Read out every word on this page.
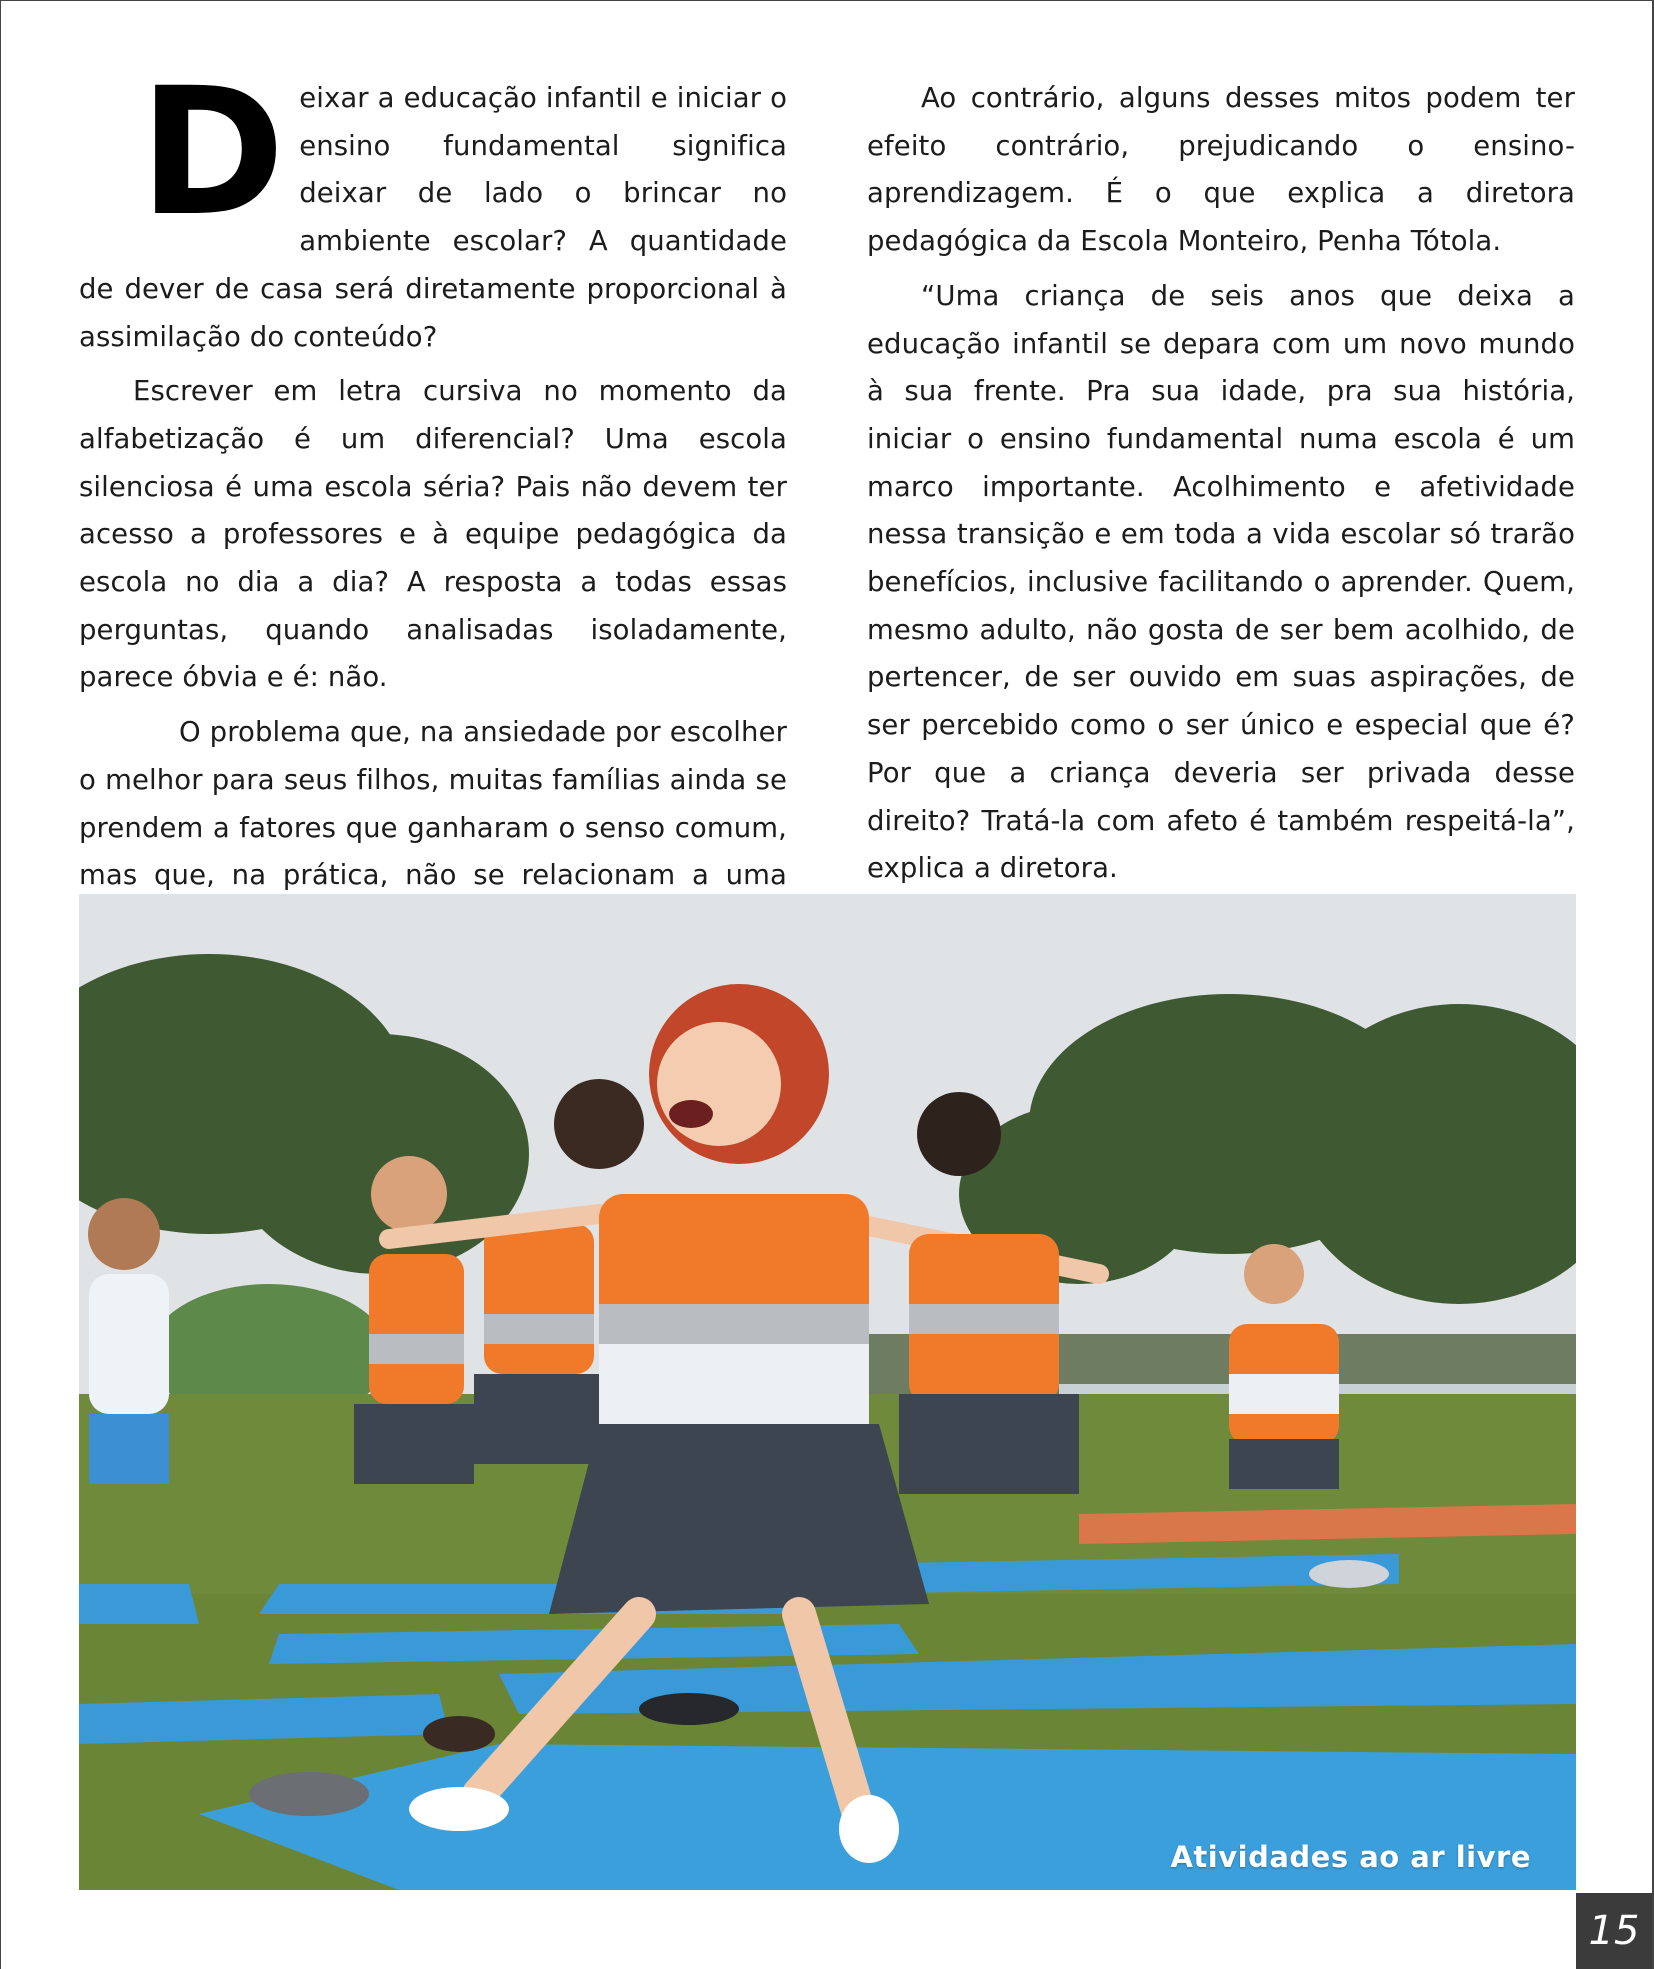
Deixar a educação infantil e iniciar o ensino fundamental significa deixar de lado o brincar no ambiente escolar? A quantidade de dever de casa será diretamente proporcional à assimilação do conteúdo?

Escrever em letra cursiva no momento da alfabetização é um diferencial? Uma escola silenciosa é uma escola séria? Pais não devem ter acesso a professores e à equipe pedagógica da escola no dia a dia? A resposta a todas essas perguntas, quando analisadas isoladamente, parece óbvia e é: não.

O problema que, na ansiedade por escolher o melhor para seus filhos, muitas famílias ainda se prendem a fatores que ganharam o senso comum, mas que, na prática, não se relacionam a uma

Ao contrário, alguns desses mitos podem ter efeito contrário, prejudicando o ensino-aprendizagem. É o que explica a diretora pedagógica da Escola Monteiro, Penha Tótola.

“Uma criança de seis anos que deixa a educação infantil se depara com um novo mundo à sua frente. Pra sua idade, pra sua história, iniciar o ensino fundamental numa escola é um marco importante. Acolhimento e afetividade nessa transição e em toda a vida escolar só trarão benefícios, inclusive facilitando o aprender. Quem, mesmo adulto, não gosta de ser bem acolhido, de pertencer, de ser ouvido em suas aspirações, de ser percebido como o ser único e especial que é? Por que a criança deveria ser privada desse direito? Tratá-la com afeto é também respeitá-la”, explica a diretora.

Atividades ao ar livre
15
